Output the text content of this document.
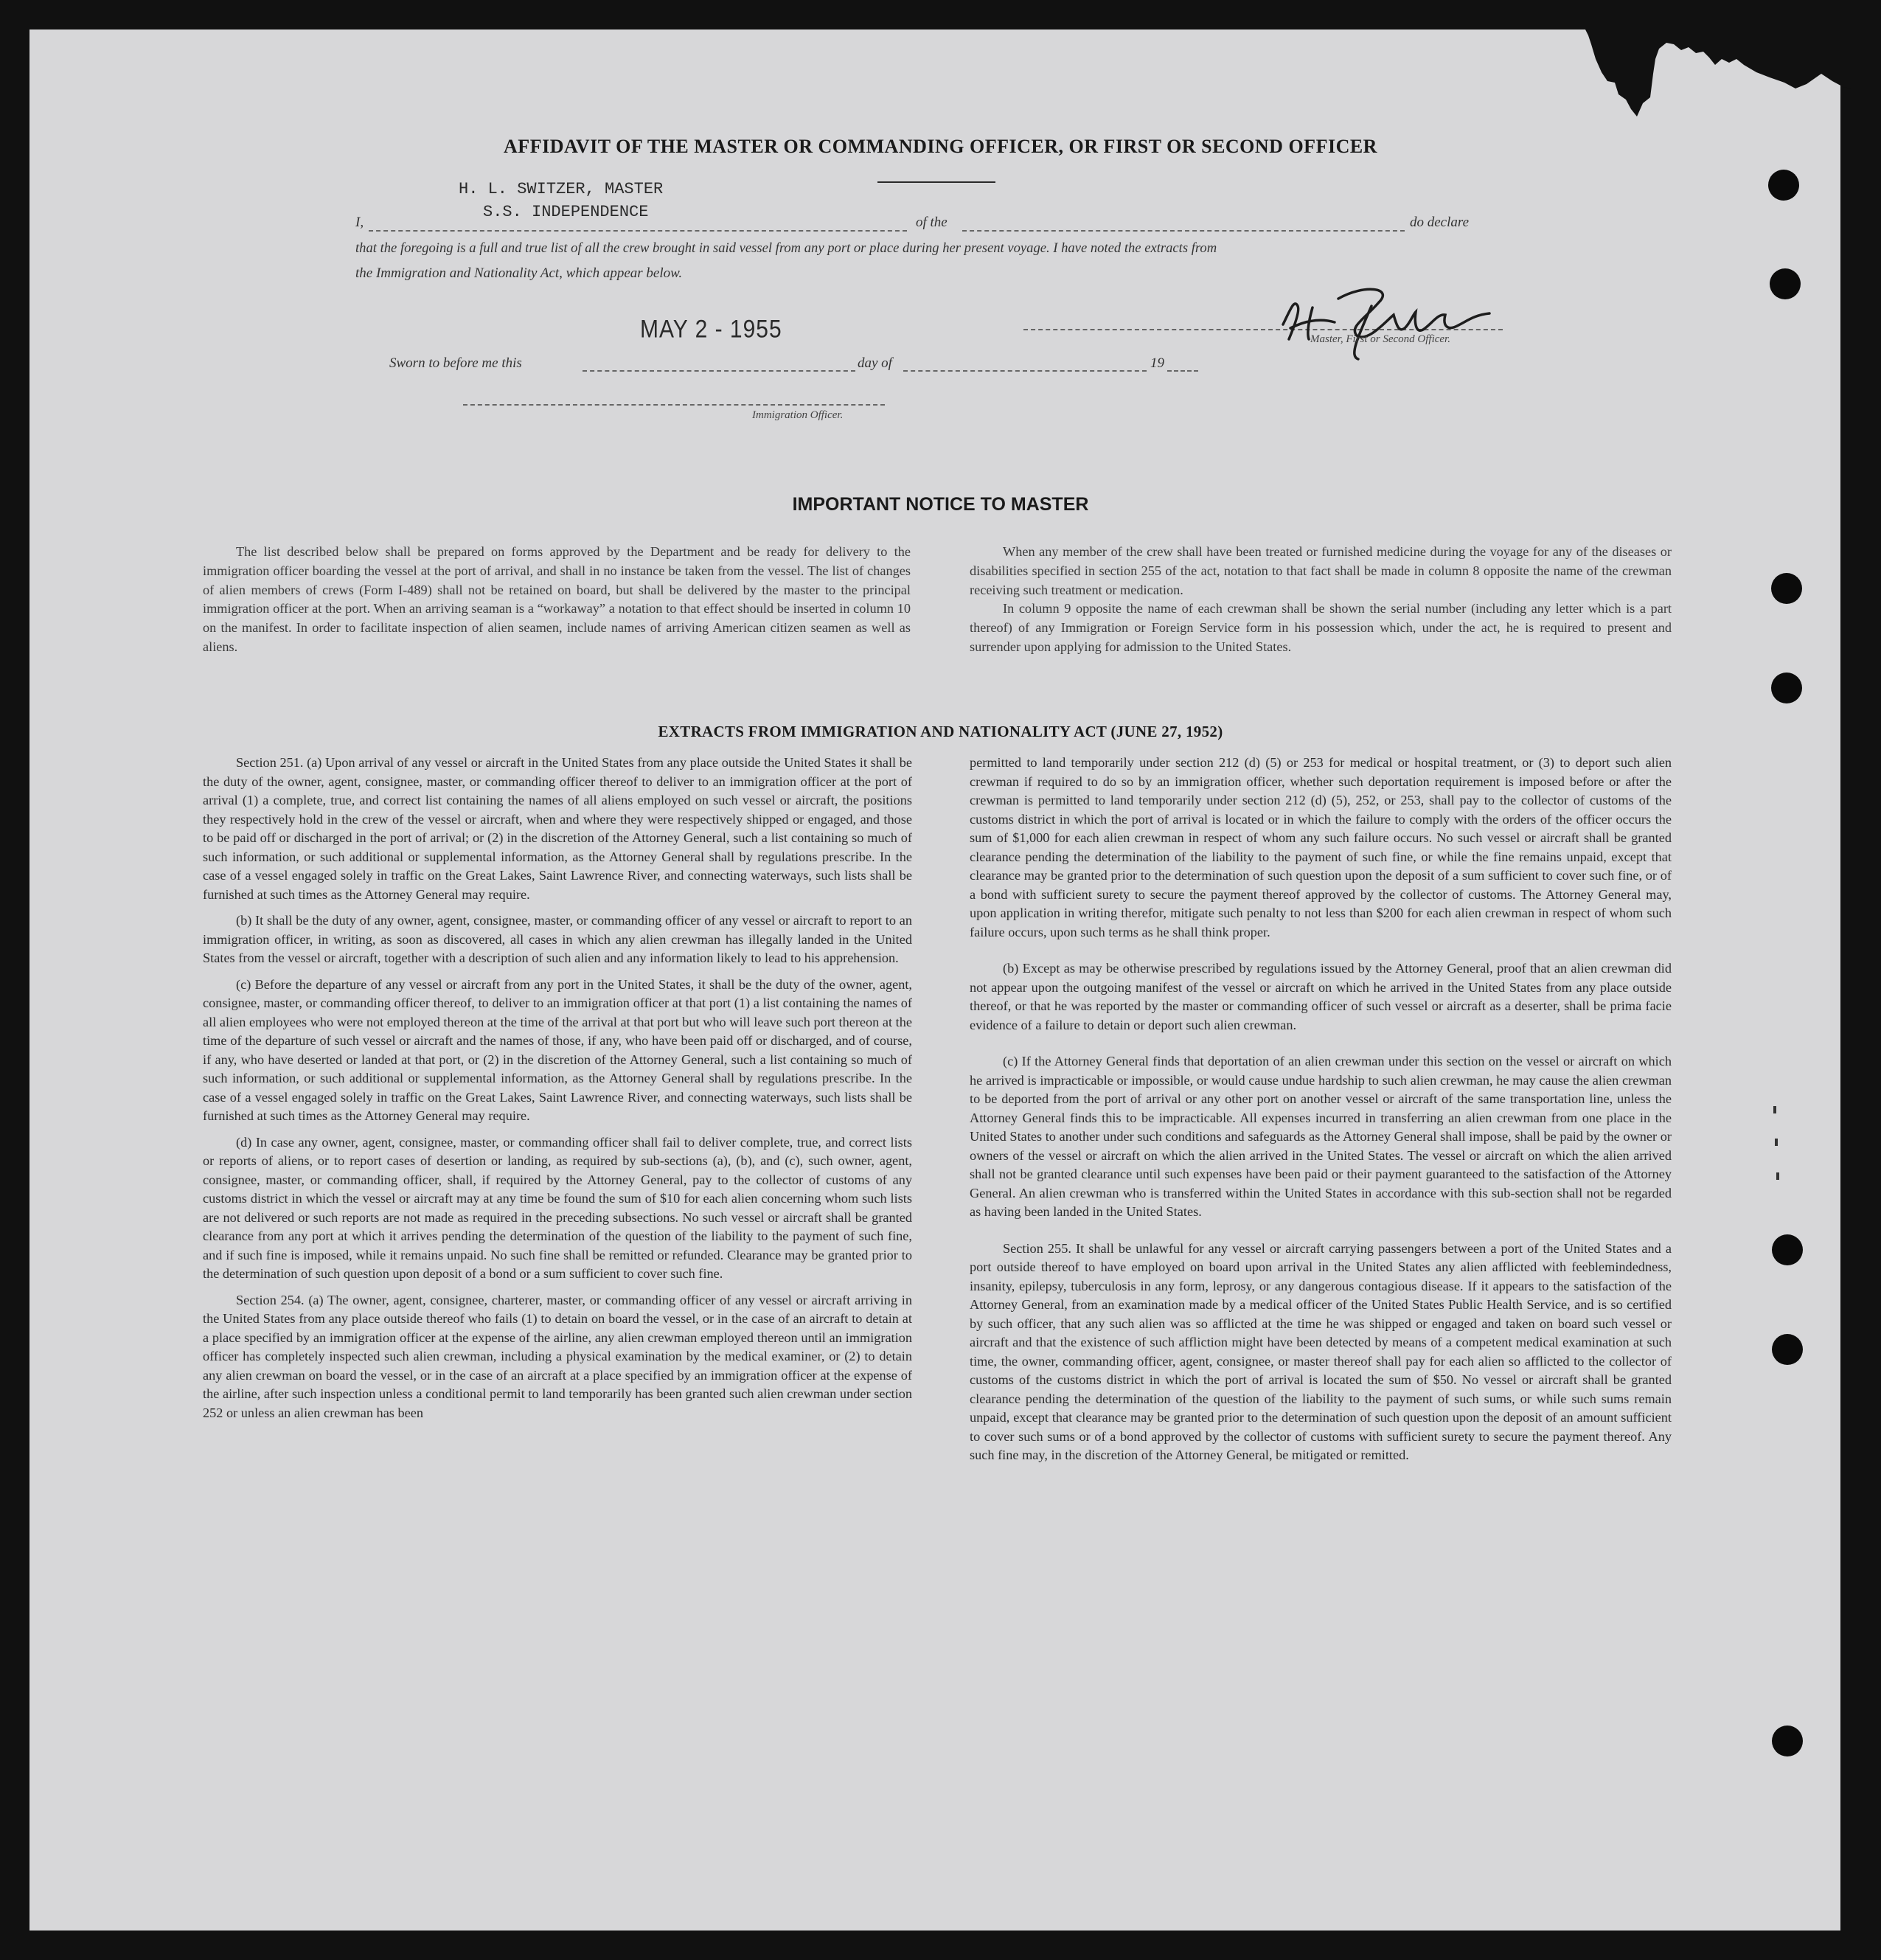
AFFIDAVIT OF THE MASTER OR COMMANDING OFFICER, OR FIRST OR SECOND OFFICER
H. L. SWITZER, MASTER
S.S. INDEPENDENCE
I,	of the	do declare
that the foregoing is a full and true list of all the crew brought in said vessel from any port or place during her present voyage. I have noted the extracts from
the Immigration and Nationality Act, which appear below.
MAY 2 - 1955	Master, First or Second Officer.
Sworn to before me this	day of	19
Immigration Officer.
IMPORTANT NOTICE TO MASTER

The list described below shall be prepared on forms approved by the Department and be ready for delivery to the immigration officer boarding the vessel at the port of arrival, and shall in no instance be taken from the vessel. The list of changes of alien members of crews (Form I-489) shall not be retained on board, but shall be delivered by the master to the principal immigration officer at the port. When an arriving seaman is a “workaway” a notation to that effect should be inserted in column 10 on the manifest. In order to facilitate inspection of alien seamen, include names of arriving American citizen seamen as well as aliens.

When any member of the crew shall have been treated or furnished medicine during the voyage for any of the diseases or disabilities specified in section 255 of the act, notation to that fact shall be made in column 8 opposite the name of the crewman receiving such treatment or medication.

In column 9 opposite the name of each crewman shall be shown the serial number (including any letter which is a part thereof) of any Immigration or Foreign Service form in his possession which, under the act, he is required to present and surrender upon applying for admission to the United States.

EXTRACTS FROM IMMIGRATION AND NATIONALITY ACT (JUNE 27, 1952)

Section 251. (a) Upon arrival of any vessel or aircraft in the United States from any place outside the United States it shall be the duty of the owner, agent, consignee, master, or commanding officer thereof to deliver to an immigration officer at the port of arrival (1) a complete, true, and correct list containing the names of all aliens employed on such vessel or aircraft, the positions they respectively hold in the crew of the vessel or aircraft, when and where they were respectively shipped or engaged, and those to be paid off or discharged in the port of arrival; or (2) in the discretion of the Attorney General, such a list containing so much of such information, or such additional or supplemental information, as the Attorney General shall by regulations prescribe. In the case of a vessel engaged solely in traffic on the Great Lakes, Saint Lawrence River, and connecting waterways, such lists shall be furnished at such times as the Attorney General may require.

(b) It shall be the duty of any owner, agent, consignee, master, or commanding officer of any vessel or aircraft to report to an immigration officer, in writing, as soon as discovered, all cases in which any alien crewman has illegally landed in the United States from the vessel or aircraft, together with a description of such alien and any information likely to lead to his apprehension.

(c) Before the departure of any vessel or aircraft from any port in the United States, it shall be the duty of the owner, agent, consignee, master, or commanding officer thereof, to deliver to an immigration officer at that port (1) a list containing the names of all alien employees who were not employed thereon at the time of the arrival at that port but who will leave such port thereon at the time of the departure of such vessel or aircraft and the names of those, if any, who have been paid off or discharged, and of course, if any, who have deserted or landed at that port, or (2) in the discretion of the Attorney General, such a list containing so much of such information, or such additional or supplemental information, as the Attorney General shall by regulations prescribe. In the case of a vessel engaged solely in traffic on the Great Lakes, Saint Lawrence River, and connecting waterways, such lists shall be furnished at such times as the Attorney General may require.

(d) In case any owner, agent, consignee, master, or commanding officer shall fail to deliver complete, true, and correct lists or reports of aliens, or to report cases of desertion or landing, as required by sub-sections (a), (b), and (c), such owner, agent, consignee, master, or commanding officer, shall, if required by the Attorney General, pay to the collector of customs of any customs district in which the vessel or aircraft may at any time be found the sum of $10 for each alien concerning whom such lists are not delivered or such reports are not made as required in the preceding subsections. No such vessel or aircraft shall be granted clearance from any port at which it arrives pending the determination of the question of the liability to the payment of such fine, and if such fine is imposed, while it remains unpaid. No such fine shall be remitted or refunded. Clearance may be granted prior to the determination of such question upon deposit of a bond or a sum sufficient to cover such fine.

Section 254. (a) The owner, agent, consignee, charterer, master, or commanding officer of any vessel or aircraft arriving in the United States from any place outside thereof who fails (1) to detain on board the vessel, or in the case of an aircraft to detain at a place specified by an immigration officer at the expense of the airline, any alien crewman employed thereon until an immigration officer has completely inspected such alien crewman, including a physical examination by the medical examiner, or (2) to detain any alien crewman on board the vessel, or in the case of an aircraft at a place specified by an immigration officer at the expense of the airline, after such inspection unless a conditional permit to land temporarily has been granted such alien crewman under section 252 or unless an alien crewman has been

permitted to land temporarily under section 212 (d) (5) or 253 for medical or hospital treatment, or (3) to deport such alien crewman if required to do so by an immigration officer, whether such deportation requirement is imposed before or after the crewman is permitted to land temporarily under section 212 (d) (5), 252, or 253, shall pay to the collector of customs of the customs district in which the port of arrival is located or in which the failure to comply with the orders of the officer occurs the sum of $1,000 for each alien crewman in respect of whom any such failure occurs. No such vessel or aircraft shall be granted clearance pending the determination of the liability to the payment of such fine, or while the fine remains unpaid, except that clearance may be granted prior to the determination of such question upon the deposit of a sum sufficient to cover such fine, or of a bond with sufficient surety to secure the payment thereof approved by the collector of customs. The Attorney General may, upon application in writing therefor, mitigate such penalty to not less than $200 for each alien crewman in respect of whom such failure occurs, upon such terms as he shall think proper.

(b) Except as may be otherwise prescribed by regulations issued by the Attorney General, proof that an alien crewman did not appear upon the outgoing manifest of the vessel or aircraft on which he arrived in the United States from any place outside thereof, or that he was reported by the master or commanding officer of such vessel or aircraft as a deserter, shall be prima facie evidence of a failure to detain or deport such alien crewman.

(c) If the Attorney General finds that deportation of an alien crewman under this section on the vessel or aircraft on which he arrived is impracticable or impossible, or would cause undue hardship to such alien crewman, he may cause the alien crewman to be deported from the port of arrival or any other port on another vessel or aircraft of the same transportation line, unless the Attorney General finds this to be impracticable. All expenses incurred in transferring an alien crewman from one place in the United States to another under such conditions and safeguards as the Attorney General shall impose, shall be paid by the owner or owners of the vessel or aircraft on which the alien arrived in the United States. The vessel or aircraft on which the alien arrived shall not be granted clearance until such expenses have been paid or their payment guaranteed to the satisfaction of the Attorney General. An alien crewman who is transferred within the United States in accordance with this sub-section shall not be regarded as having been landed in the United States.

Section 255. It shall be unlawful for any vessel or aircraft carrying passengers between a port of the United States and a port outside thereof to have employed on board upon arrival in the United States any alien afflicted with feeblemindedness, insanity, epilepsy, tuberculosis in any form, leprosy, or any dangerous contagious disease. If it appears to the satisfaction of the Attorney General, from an examination made by a medical officer of the United States Public Health Service, and is so certified by such officer, that any such alien was so afflicted at the time he was shipped or engaged and taken on board such vessel or aircraft and that the existence of such affliction might have been detected by means of a competent medical examination at such time, the owner, commanding officer, agent, consignee, or master thereof shall pay for each alien so afflicted to the collector of customs of the customs district in which the port of arrival is located the sum of $50. No vessel or aircraft shall be granted clearance pending the determination of the question of the liability to the payment of such sums, or while such sums remain unpaid, except that clearance may be granted prior to the determination of such question upon the deposit of an amount sufficient to cover such sums or of a bond approved by the collector of customs with sufficient surety to secure the payment thereof. Any such fine may, in the discretion of the Attorney General, be mitigated or remitted.
